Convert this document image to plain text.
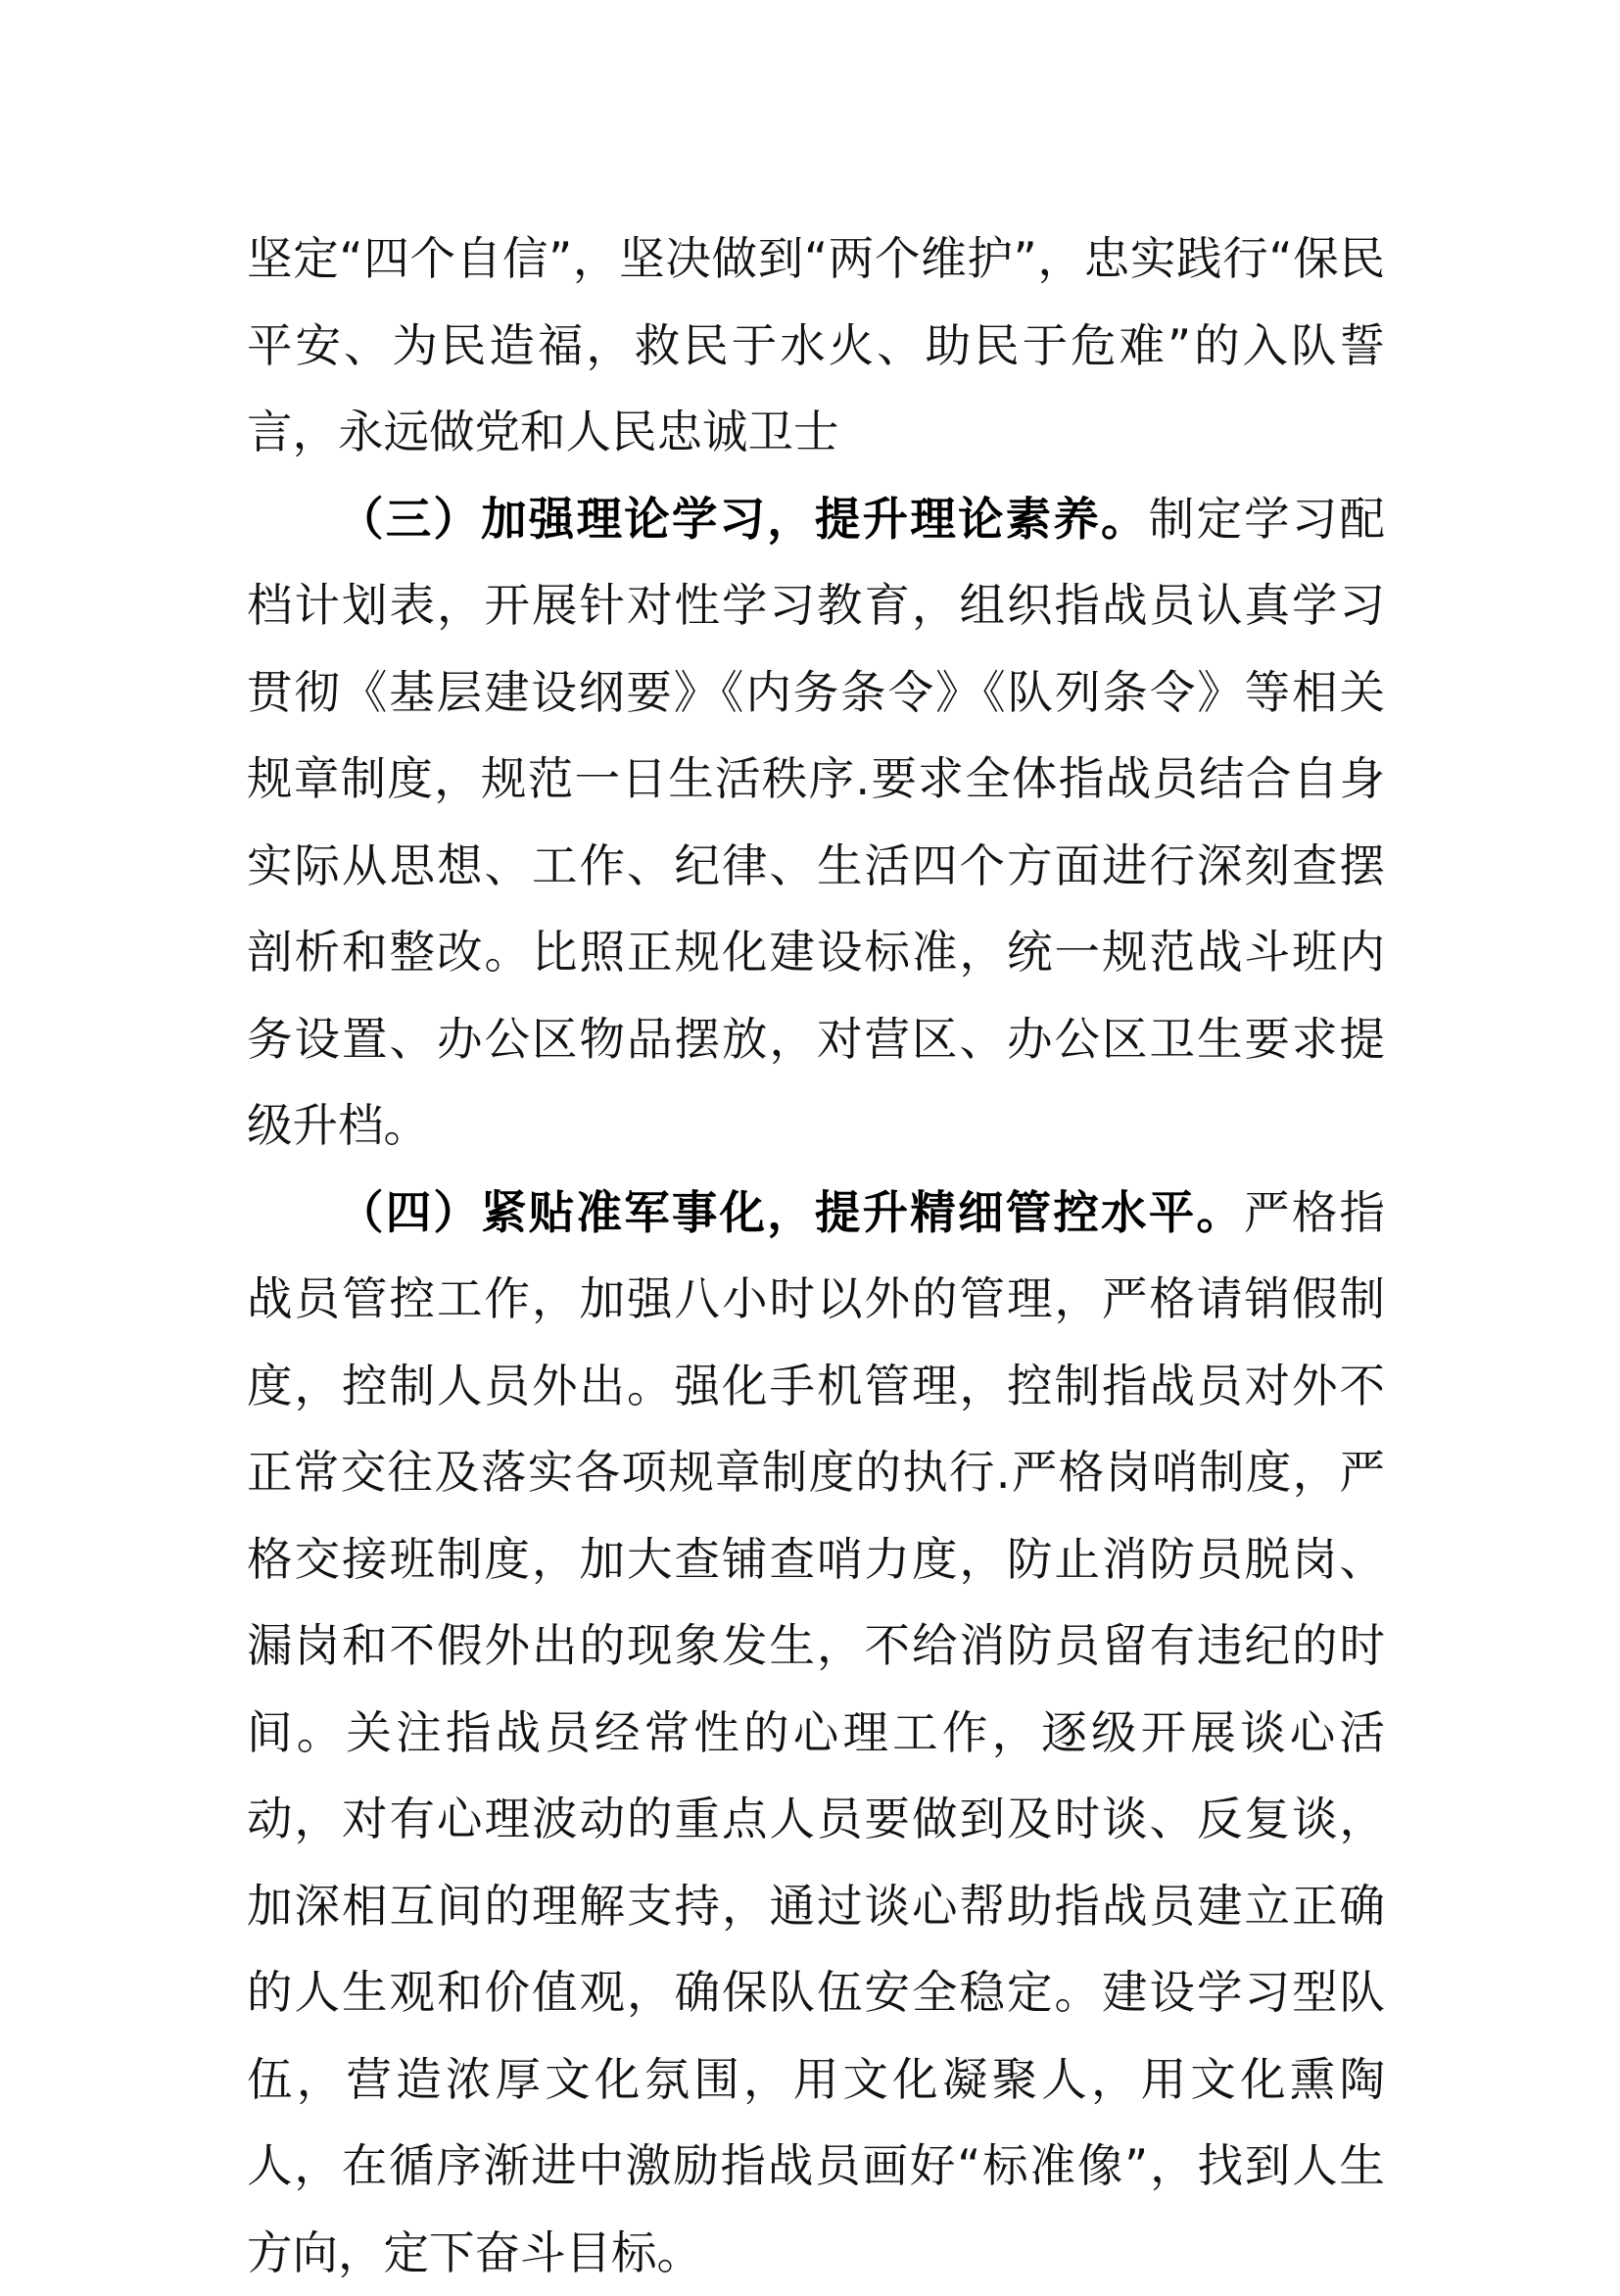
坚定“四个自信”，坚决做到“两个维护”，忠实践行“保民平安、为民造福，救民于水火、助民于危难”的入队誓言，永远做党和人民忠诚卫士

（三）加强理论学习，提升理论素养。制定学习配档计划表，开展针对性学习教育，组织指战员认真学习贯彻《基层建设纲要》《内务条令》《队列条令》等相关规章制度，规范一日生活秩序.要求全体指战员结合自身实际从思想、工作、纪律、生活四个方面进行深刻查摆剖析和整改。比照正规化建设标准，统一规范战斗班内务设置、办公区物品摆放，对营区、办公区卫生要求提级升档。

（四）紧贴准军事化，提升精细管控水平。严格指战员管控工作，加强八小时以外的管理，严格请销假制度，控制人员外出。强化手机管理，控制指战员对外不正常交往及落实各项规章制度的执行.严格岗哨制度，严格交接班制度，加大查铺查哨力度，防止消防员脱岗、漏岗和不假外出的现象发生，不给消防员留有违纪的时间。关注指战员经常性的心理工作，逐级开展谈心活动，对有心理波动的重点人员要做到及时谈、反复谈，加深相互间的理解支持，通过谈心帮助指战员建立正确的人生观和价值观，确保队伍安全稳定。建设学习型队伍，营造浓厚文化氛围，用文化凝聚人，用文化熏陶人，在循序渐进中激励指战员画好“标准像”，找到人生方向，定下奋斗目标。
